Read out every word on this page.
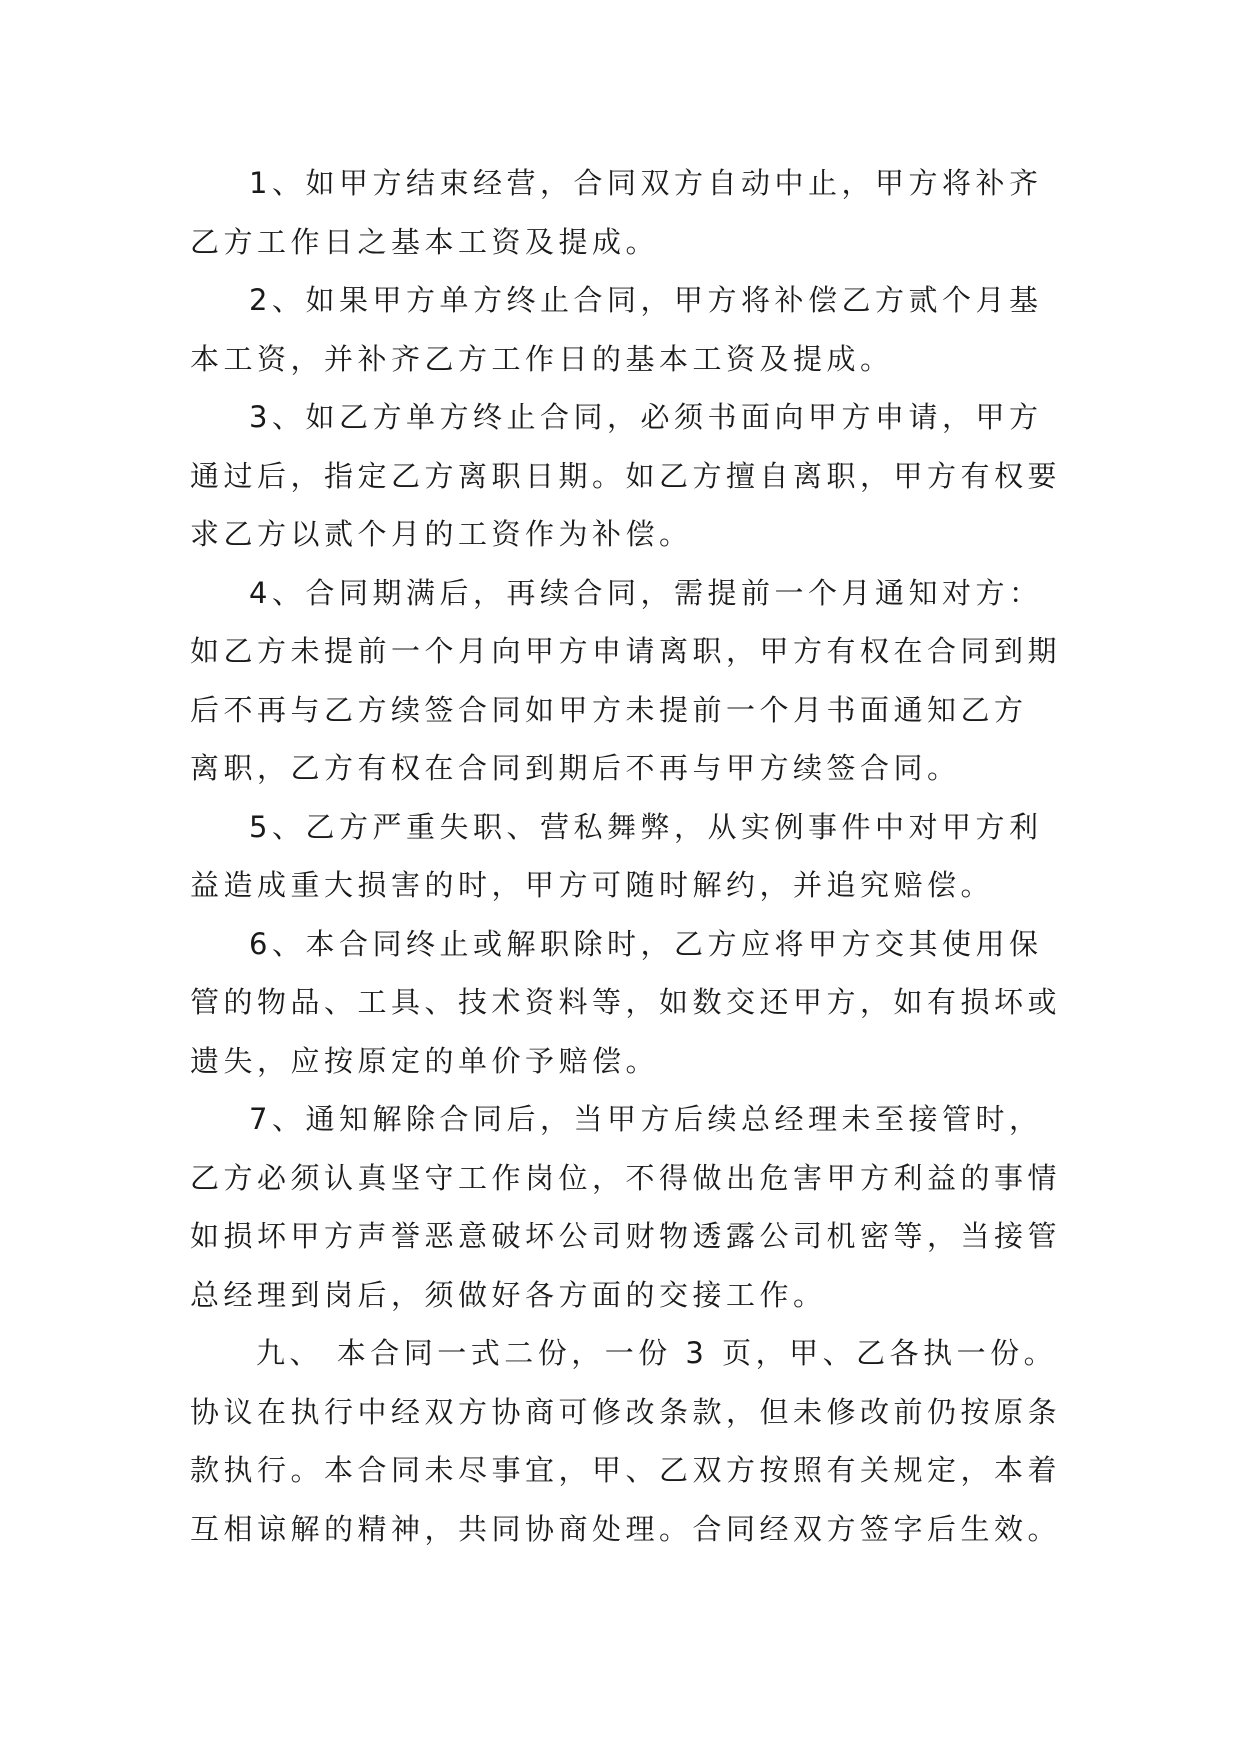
1、如甲方结束经营，合同双方自动中止，甲方将补齐
乙方工作日之基本工资及提成。
2、如果甲方单方终止合同，甲方将补偿乙方贰个月基
本工资，并补齐乙方工作日的基本工资及提成。
3、如乙方单方终止合同，必须书面向甲方申请，甲方
通过后，指定乙方离职日期。如乙方擅自离职，甲方有权要
求乙方以贰个月的工资作为补偿。
4、合同期满后，再续合同，需提前一个月通知对方：
如乙方未提前一个月向甲方申请离职，甲方有权在合同到期
后不再与乙方续签合同如甲方未提前一个月书面通知乙方
离职，乙方有权在合同到期后不再与甲方续签合同。
5、乙方严重失职、营私舞弊，从实例事件中对甲方利
益造成重大损害的时，甲方可随时解约，并追究赔偿。
6、本合同终止或解职除时，乙方应将甲方交其使用保
管的物品、工具、技术资料等，如数交还甲方，如有损坏或
遗失，应按原定的单价予赔偿。
7、通知解除合同后，当甲方后续总经理未至接管时，
乙方必须认真坚守工作岗位，不得做出危害甲方利益的事情
如损坏甲方声誉恶意破坏公司财物透露公司机密等，当接管
总经理到岗后，须做好各方面的交接工作。
九、 本合同一式二份，一份 3 页，甲、乙各执一份。
协议在执行中经双方协商可修改条款，但未修改前仍按原条
款执行。本合同未尽事宜，甲、乙双方按照有关规定，本着
互相谅解的精神，共同协商处理。合同经双方签字后生效。
